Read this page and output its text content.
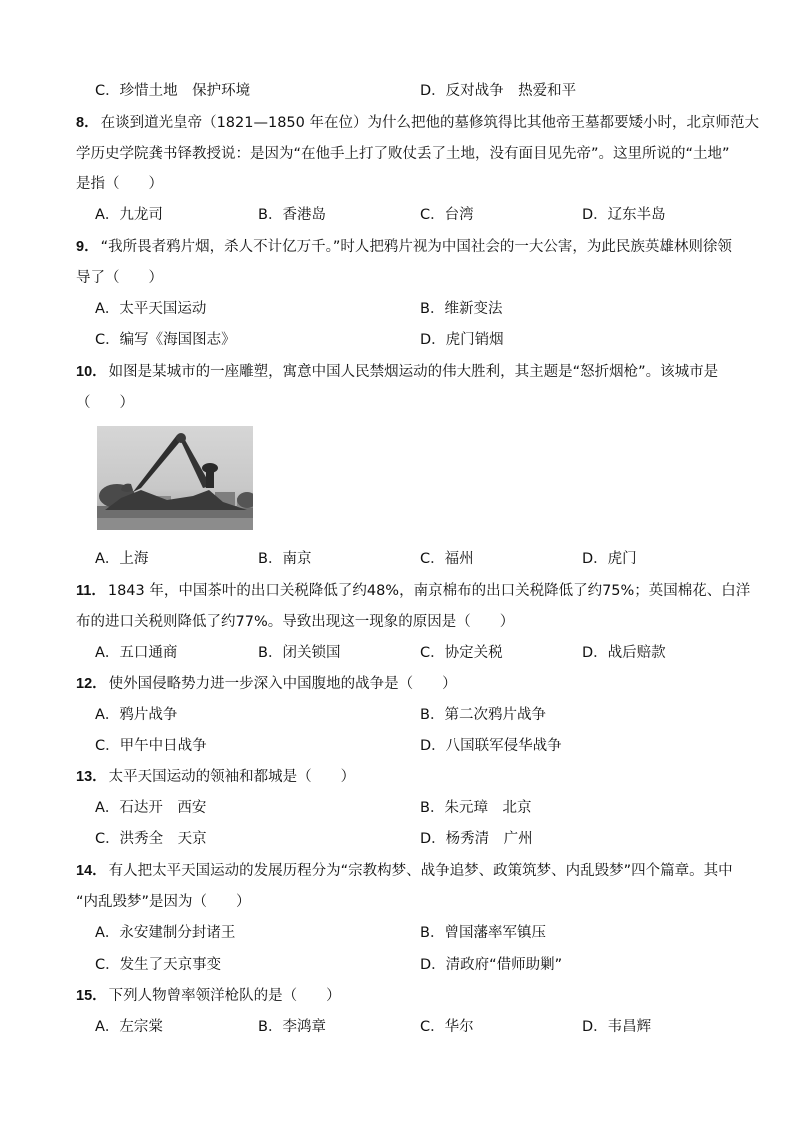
C．珍惜土地　保护环境	D．反对战争　热爱和平
8． 在谈到道光皇帝（1821—1850 年在位）为什么把他的墓修筑得比其他帝王墓都要矮小时，北京师范大
学历史学院龚书铎教授说：是因为“在他手上打了败仗丢了土地，没有面目见先帝”。这里所说的“土地”
是指（　　）
A．九龙司	B．香港岛	C．台湾	D．辽东半岛
9． “我所畏者鸦片烟，杀人不计亿万千。”时人把鸦片视为中国社会的一大公害，为此民族英雄林则徐领
导了（　　）
A．太平天国运动	B．维新变法
C．编写《海国图志》	D．虎门销烟
10． 如图是某城市的一座雕塑，寓意中国人民禁烟运动的伟大胜利，其主题是“怒折烟枪”。该城市是
（　　）
A．上海	B．南京	C．福州	D．虎门
11． 1843 年，中国茶叶的出口关税降低了约48%，南京棉布的出口关税降低了约75%；英国棉花、白洋
布的进口关税则降低了约77%。导致出现这一现象的原因是（　　）
A．五口通商	B．闭关锁国	C．协定关税	D．战后赔款
12． 使外国侵略势力进一步深入中国腹地的战争是（　　）
A．鸦片战争	B．第二次鸦片战争
C．甲午中日战争	D．八国联军侵华战争
13． 太平天国运动的领袖和都城是（　　）
A．石达开　西安	B．朱元璋　北京
C．洪秀全　天京	D．杨秀清　广州
14． 有人把太平天国运动的发展历程分为“宗教构梦、战争追梦、政策筑梦、内乱毁梦”四个篇章。其中
“内乱毁梦”是因为（　　）
A．永安建制分封诸王	B．曾国藩率军镇压
C．发生了天京事变	D．清政府“借师助剿”
15． 下列人物曾率领洋枪队的是（　　）
A．左宗棠	B．李鸿章	C．华尔	D．韦昌辉
